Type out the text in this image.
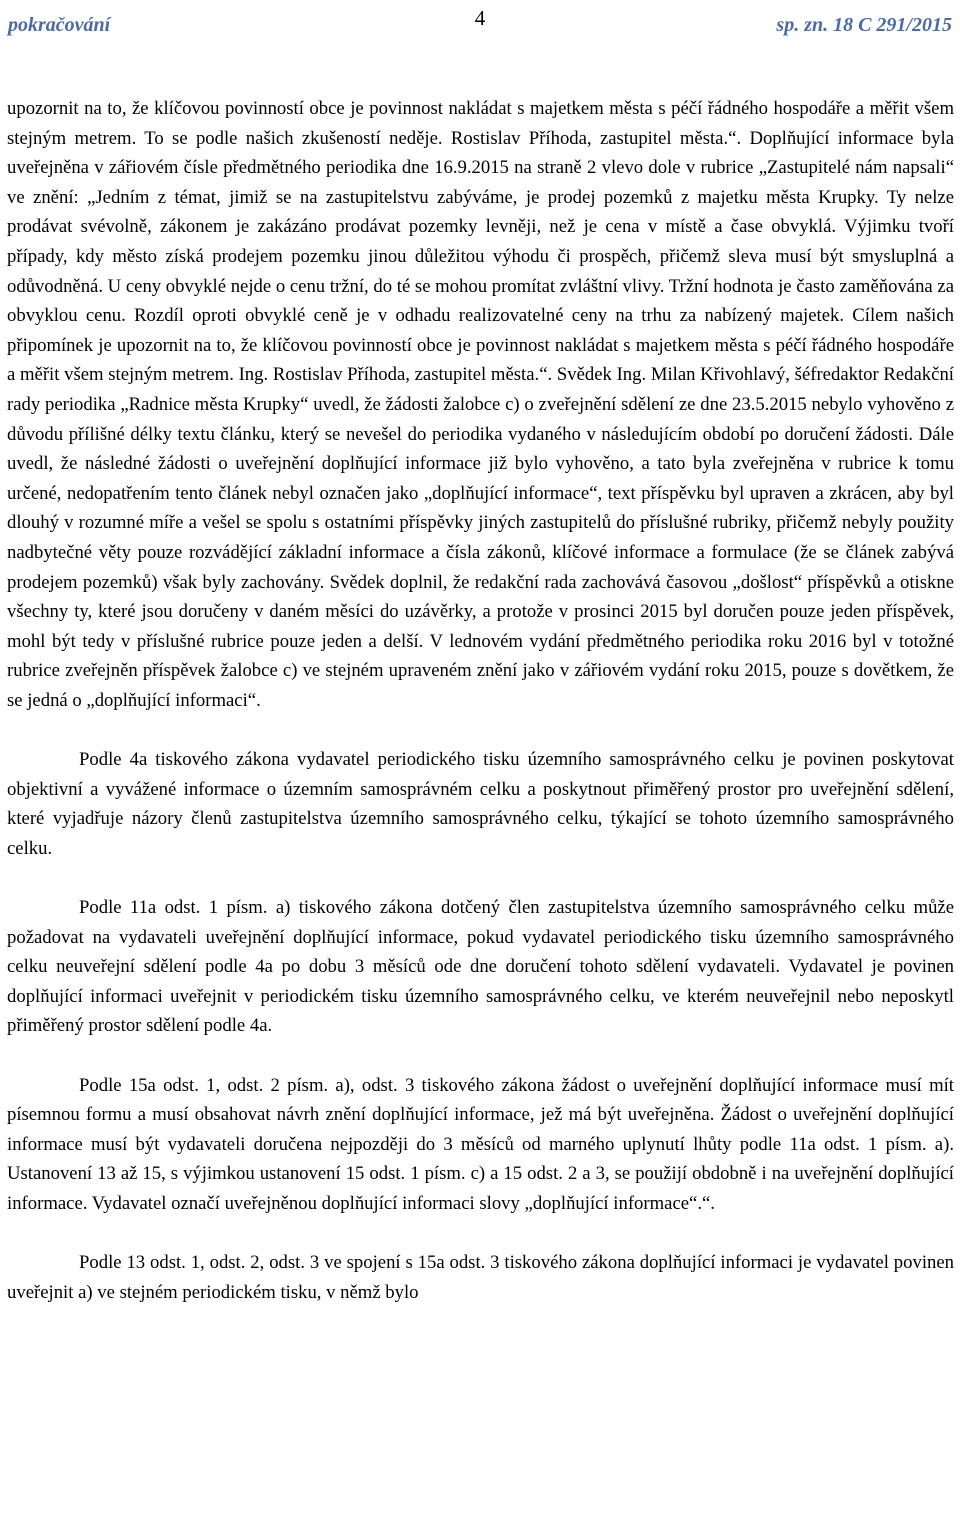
pokračování	4	sp. zn. 18 C 291/2015

upozornit na to, že klíčovou povinností obce je povinnost nakládat s majetkem města s péčí řádného hospodáře a měřit všem stejným metrem. To se podle našich zkušeností neděje. Rostislav Příhoda, zastupitel města.“. Doplňující informace byla uveřejněna v zářiovém čísle předmětného periodika dne 16.9.2015 na straně 2 vlevo dole v rubrice „Zastupitelé nám napsali“ ve znění: „Jedním z témat, jimiž se na zastupitelstvu zabýváme, je prodej pozemků z majetku města Krupky. Ty nelze prodávat svévolně, zákonem je zakázáno prodávat pozemky levněji, než je cena v místě a čase obvyklá. Výjimku tvoří případy, kdy město získá prodejem pozemku jinou důležitou výhodu či prospěch, přičemž sleva musí být smysluplná a odůvodněná. U ceny obvyklé nejde o cenu tržní, do té se mohou promítat zvláštní vlivy. Tržní hodnota je často zaměňována za obvyklou cenu. Rozdíl oproti obvyklé ceně je v odhadu realizovatelné ceny na trhu za nabízený majetek. Cílem našich připomínek je upozornit na to, že klíčovou povinností obce je povinnost nakládat s majetkem města s péčí řádného hospodáře a měřit všem stejným metrem. Ing. Rostislav Příhoda, zastupitel města.“. Svědek Ing. Milan Křivohlavý, šéfredaktor Redakční rady periodika „Radnice města Krupky“ uvedl, že žádosti žalobce c) o zveřejnění sdělení ze dne 23.5.2015 nebylo vyhověno z důvodu přílišné délky textu článku, který se nevešel do periodika vydaného v následujícím období po doručení žádosti. Dále uvedl, že následné žádosti o uveřejnění doplňující informace již bylo vyhověno, a tato byla zveřejněna v rubrice k tomu určené, nedopatřením tento článek nebyl označen jako „doplňující informace“, text příspěvku byl upraven a zkrácen, aby byl dlouhý v rozumné míře a vešel se spolu s ostatními příspěvky jiných zastupitelů do příslušné rubriky, přičemž nebyly použity nadbytečné věty pouze rozvádějící základní informace a čísla zákonů, klíčové informace a formulace (že se článek zabývá prodejem pozemků) však byly zachovány. Svědek doplnil, že redakční rada zachovává časovou „došlost“ příspěvků a otiskne všechny ty, které jsou doručeny v daném měsíci do uzávěrky, a protože v prosinci 2015 byl doručen pouze jeden příspěvek, mohl být tedy v příslušné rubrice pouze jeden a delší. V lednovém vydání předmětného periodika roku 2016 byl v totožné rubrice zveřejněn příspěvek žalobce c) ve stejném upraveném znění jako v zářiovém vydání roku 2015, pouze s dovětkem, že se jedná o „doplňující informaci“.

Podle 4a tiskového zákona vydavatel periodického tisku územního samosprávného celku je povinen poskytovat objektivní a vyvážené informace o územním samosprávném celku a poskytnout přiměřený prostor pro uveřejnění sdělení, které vyjadřuje názory členů zastupitelstva územního samosprávného celku, týkající se tohoto územního samosprávného celku.

Podle 11a odst. 1 písm. a) tiskového zákona dotčený člen zastupitelstva územního samosprávného celku může požadovat na vydavateli uveřejnění doplňující informace, pokud vydavatel periodického tisku územního samosprávného celku neuveřejní sdělení podle 4a po dobu 3 měsíců ode dne doručení tohoto sdělení vydavateli. Vydavatel je povinen doplňující informaci uveřejnit v periodickém tisku územního samosprávného celku, ve kterém neuveřejnil nebo neposkytl přiměřený prostor sdělení podle 4a.

Podle 15a odst. 1, odst. 2 písm. a), odst. 3 tiskového zákona žádost o uveřejnění doplňující informace musí mít písemnou formu a musí obsahovat návrh znění doplňující informace, jež má být uveřejněna. Žádost o uveřejnění doplňující informace musí být vydavateli doručena nejpozději do 3 měsíců od marného uplynutí lhůty podle 11a odst. 1 písm. a). Ustanovení 13 až 15, s výjimkou ustanovení 15 odst. 1 písm. c) a 15 odst. 2 a 3, se použijí obdobně i na uveřejnění doplňující informace. Vydavatel označí uveřejněnou doplňující informaci slovy „doplňující informace“.“.

Podle 13 odst. 1, odst. 2, odst. 3 ve spojení s 15a odst. 3 tiskového zákona doplňující informaci je vydavatel povinen uveřejnit a) ve stejném periodickém tisku, v němž bylo
